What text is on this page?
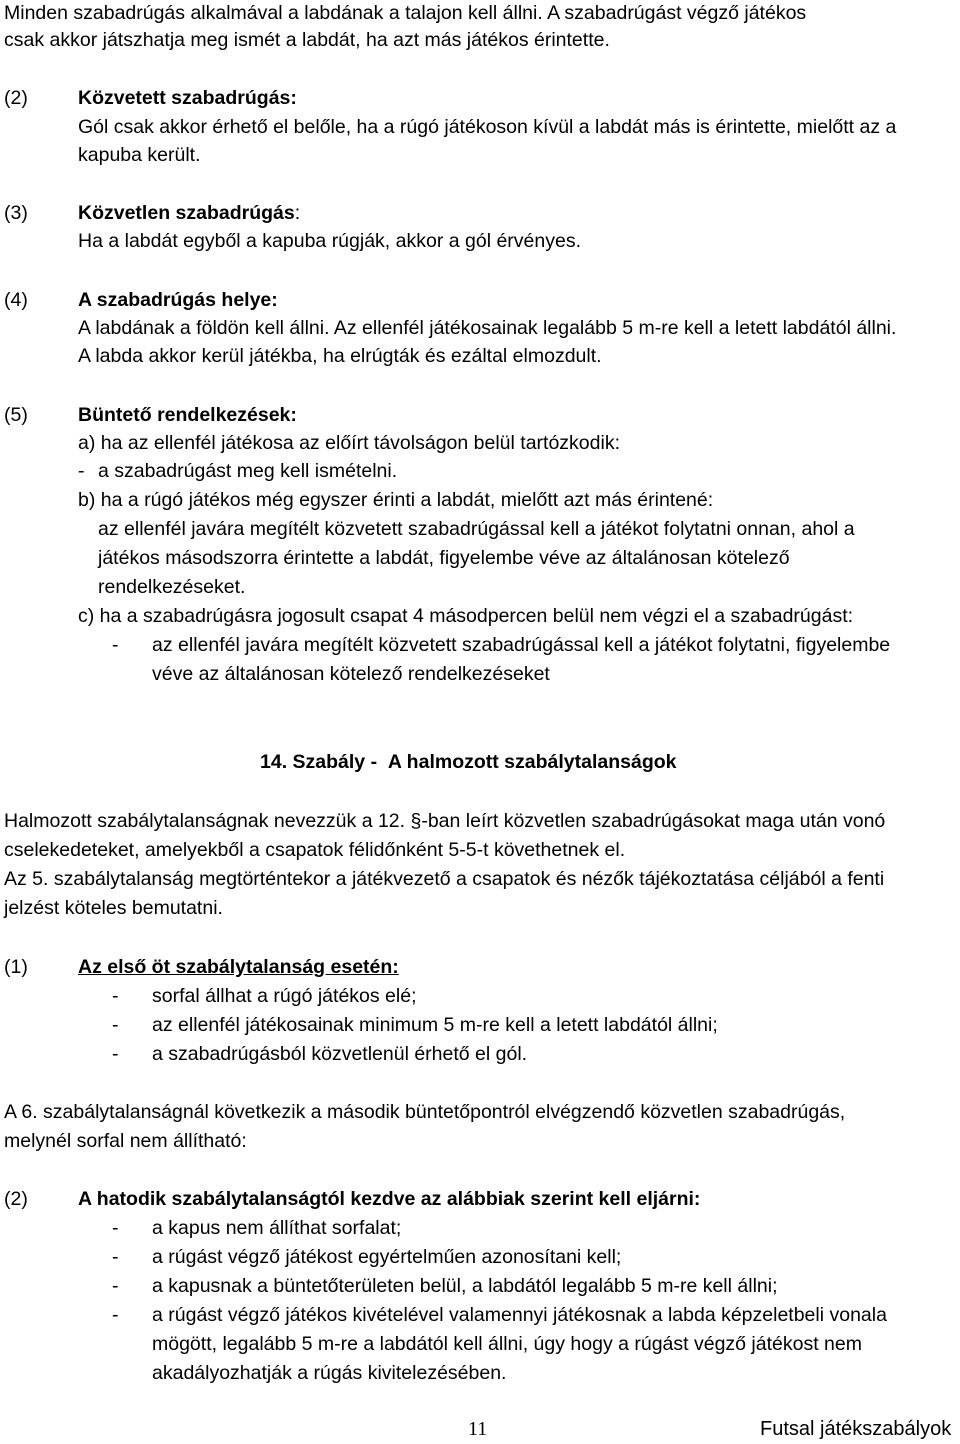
Minden szabadrúgás alkalmával a labdának a talajon kell állni. A szabadrúgást végző játékos
csak akkor játszhatja meg ismét a labdát, ha azt más játékos érintette.
(2)	Közvetett szabadrúgás:
Gól csak akkor érhető el belőle, ha a rúgó játékoson kívül a labdát más is érintette, mielőtt az a
kapuba került.
(3)	Közvetlen szabadrúgás:
Ha a labdát egyből a kapuba rúgják, akkor a gól érvényes.
(4)	A szabadrúgás helye:
A labdának a földön kell állni. Az ellenfél játékosainak legalább 5 m-re kell a letett labdától állni.
A labda akkor kerül játékba, ha elrúgták és ezáltal elmozdult.
(5)	Büntető rendelkezések:
a) ha az ellenfél játékosa az előírt távolságon belül tartózkodik:
- a szabadrúgást meg kell ismételni.
b) ha a rúgó játékos még egyszer érinti a labdát, mielőtt azt más érintené:
az ellenfél javára megítélt közvetett szabadrúgással kell a játékot folytatni onnan, ahol a
játékos másodszorra érintette a labdát, figyelembe véve az általánosan kötelező
rendelkezéseket.
c) ha a szabadrúgásra jogosult csapat 4 másodpercen belül nem végzi el a szabadrúgást:
- az ellenfél javára megítélt közvetett szabadrúgással kell a játékot folytatni, figyelembe
véve az általánosan kötelező rendelkezéseket
14. Szabály - A halmozott szabálytalanságok
Halmozott szabálytalanságnak nevezzük a 12. §-ban leírt közvetlen szabadrúgásokat maga után vonó
cselekedeteket, amelyekből a csapatok félidőnként 5-5-t követhetnek el.
Az 5. szabálytalanság megtörténtekor a játékvezető a csapatok és nézők tájékoztatása céljából a fenti
jelzést köteles bemutatni.
(1)	Az első öt szabálytalanság esetén:
- sorfal állhat a rúgó játékos elé;
- az ellenfél játékosainak minimum 5 m-re kell a letett labdától állni;
- a szabadrúgásból közvetlenül érhető el gól.
A 6. szabálytalanságnál következik a második büntetőpontról elvégzendő közvetlen szabadrúgás,
melynél sorfal nem állítható:
(2)	A hatodik szabálytalanságtól kezdve az alábbiak szerint kell eljárni:
- a kapus nem állíthat sorfalat;
- a rúgást végző játékost egyértelműen azonosítani kell;
- a kapusnak a büntetőterületen belül, a labdától legalább 5 m-re kell állni;
- a rúgást végző játékos kivételével valamennyi játékosnak a labda képzeletbeli vonala
mögött, legalább 5 m-re a labdától kell állni, úgy hogy a rúgást végző játékost nem
akadályozhatják a rúgás kivitelezésében.
11	Futsal játékszabályok
